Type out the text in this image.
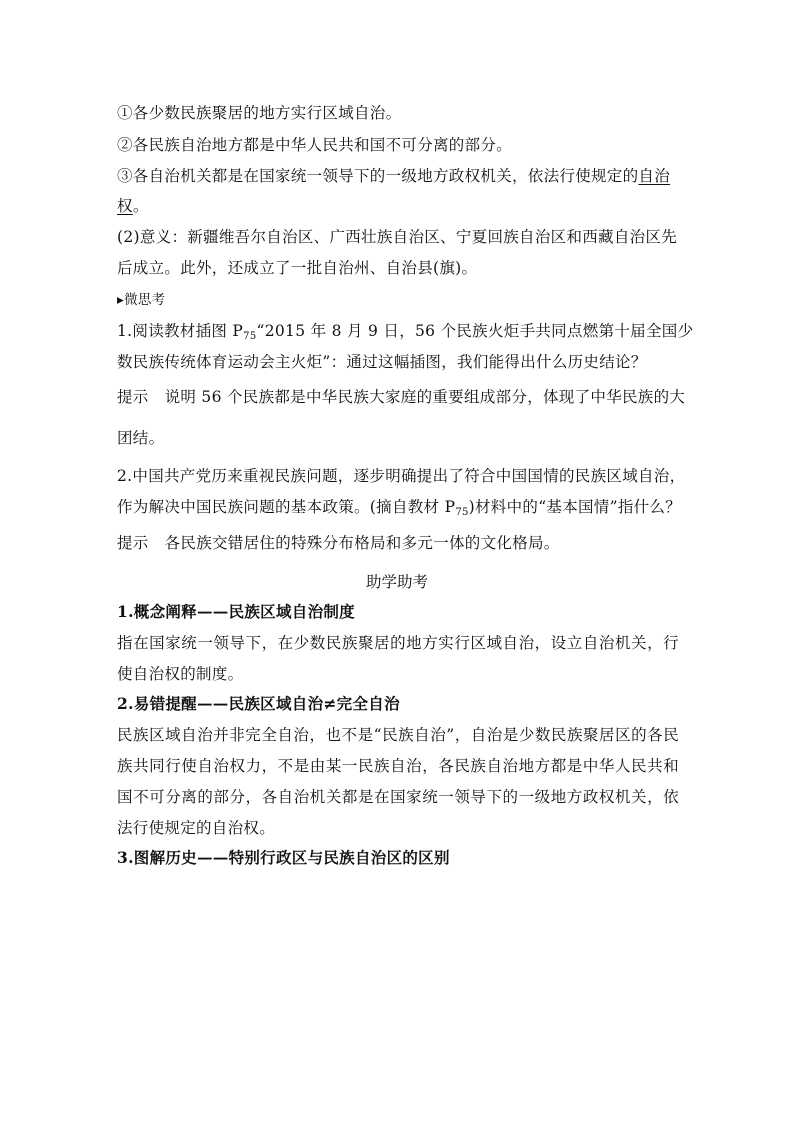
①各少数民族聚居的地方实行区域自治。
②各民族自治地方都是中华人民共和国不可分离的部分。
③各自治机关都是在国家统一领导下的一级地方政权机关，依法行使规定的自治
权。
(2)意义：新疆维吾尔自治区、广西壮族自治区、宁夏回族自治区和西藏自治区先
后成立。此外，还成立了一批自治州、自治县(旗)。
▸微思考
1.阅读教材插图 $P_{75}“2015$ 年 8 月 9 日，56 个民族火炬手共同点燃第十届全国少
数民族传统体育运动会主火炬”：通过这幅插图，我们能得出什么历史结论？
提示 说明 56 个民族都是中华民族大家庭的重要组成部分，体现了中华民族的大
团结。
2.中国共产党历来重视民族问题，逐步明确提出了符合中国国情的民族区域自治，
作为解决中国民族问题的基本政策。(摘自教材 $P_{75}$)材料中的“基本国情”指什么？
提示 各民族交错居住的特殊分布格局和多元一体的文化格局。
助学助考
1.概念阐释——民族区域自治制度
指在国家统一领导下，在少数民族聚居的地方实行区域自治，设立自治机关，行使自治权的制度。
2.易错提醒——民族区域自治≠完全自治
民族区域自治并非完全自治，也不是“民族自治”，自治是少数民族聚居区的各民族共同行使自治权力，不是由某一民族自治，各民族自治地方都是中华人民共和国不可分离的部分，各自治机关都是在国家统一领导下的一级地方政权机关，依法行使规定的自治权。
3.图解历史——特别行政区与民族自治区的区别
